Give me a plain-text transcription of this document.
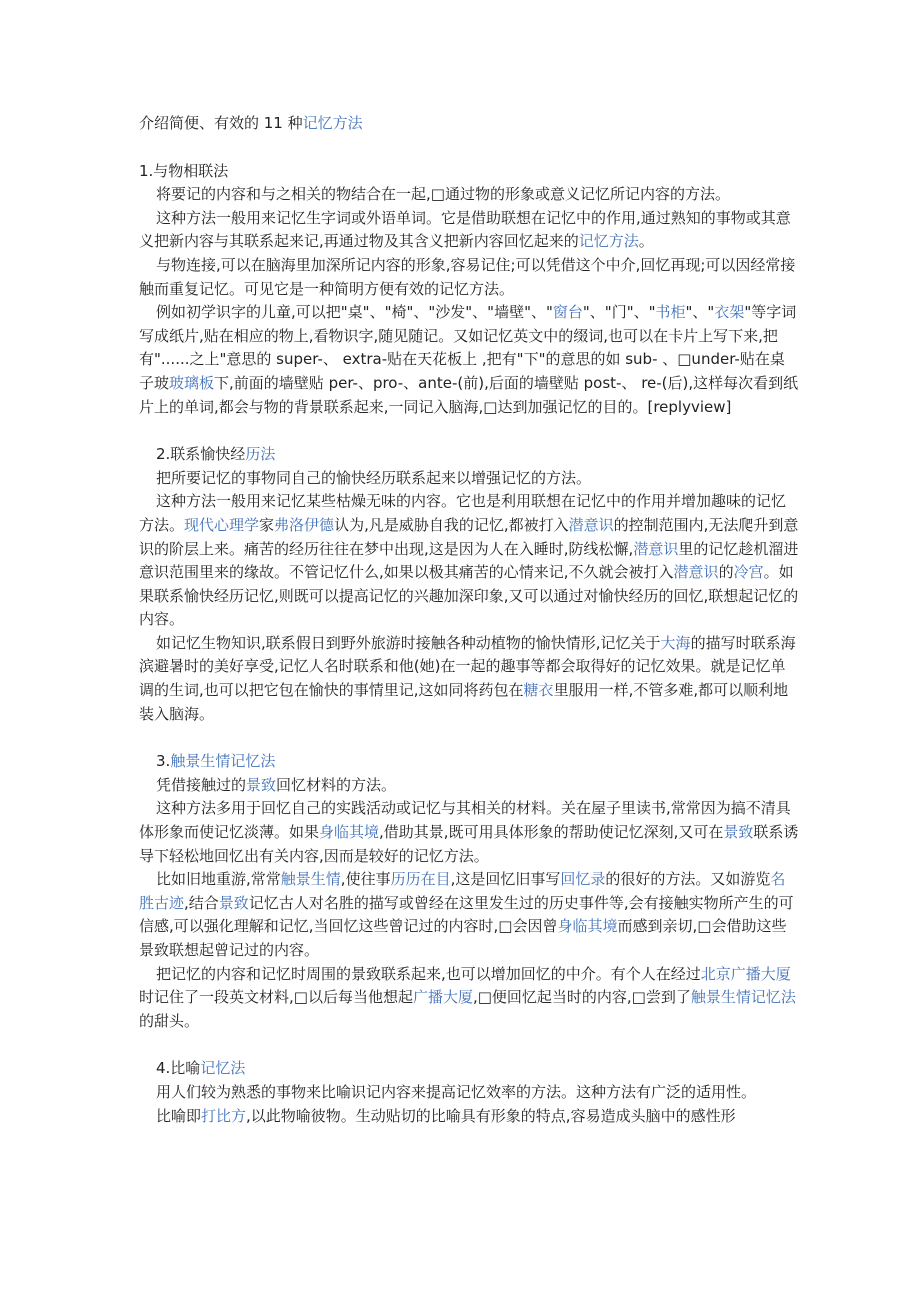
介绍简便、有效的 11 种记忆方法

1.与物相联法

将要记的内容和与之相关的物结合在一起,□通过物的形象或意义记忆所记内容的方法。

这种方法一般用来记忆生字词或外语单词。它是借助联想在记忆中的作用,通过熟知的事物或其意义把新内容与其联系起来记,再通过物及其含义把新内容回忆起来的记忆方法。

与物连接,可以在脑海里加深所记内容的形象,容易记住;可以凭借这个中介,回忆再现;可以因经常接触而重复记忆。可见它是一种简明方便有效的记忆方法。

例如初学识字的儿童,可以把"桌"、"椅"、"沙发"、"墙壁"、"窗台"、"门"、"书柜"、"衣架"等字词写成纸片,贴在相应的物上,看物识字,随见随记。又如记忆英文中的缀词,也可以在卡片上写下来,把有"......之上"意思的 super-、 extra-贴在天花板上 ,把有"下"的意思的如 sub- 、□under-贴在桌子玻玻璃板下,前面的墙壁贴 per-、pro-、ante-(前),后面的墙壁贴 post-、 re-(后),这样每次看到纸片上的单词,都会与物的背景联系起来,一同记入脑海,□达到加强记忆的目的。[replyview]

2.联系愉快经历法

把所要记忆的事物同自己的愉快经历联系起来以增强记忆的方法。

这种方法一般用来记忆某些枯燥无味的内容。它也是利用联想在记忆中的作用并增加趣味的记忆方法。现代心理学家弗洛伊德认为,凡是威胁自我的记忆,都被打入潜意识的控制范围内,无法爬升到意识的阶层上来。痛苦的经历往往在梦中出现,这是因为人在入睡时,防线松懈,潜意识里的记忆趁机溜进意识范围里来的缘故。不管记忆什么,如果以极其痛苦的心情来记,不久就会被打入潜意识的冷宫。如果联系愉快经历记忆,则既可以提高记忆的兴趣加深印象,又可以通过对愉快经历的回忆,联想起记忆的内容。

如记忆生物知识,联系假日到野外旅游时接触各种动植物的愉快情形,记忆关于大海的描写时联系海滨避暑时的美好享受,记忆人名时联系和他(她)在一起的趣事等都会取得好的记忆效果。就是记忆单调的生词,也可以把它包在愉快的事情里记,这如同将药包在糖衣里服用一样,不管多难,都可以顺利地装入脑海。

3.触景生情记忆法

凭借接触过的景致回忆材料的方法。

这种方法多用于回忆自己的实践活动或记忆与其相关的材料。关在屋子里读书,常常因为搞不清具体形象而使记忆淡薄。如果身临其境,借助其景,既可用具体形象的帮助使记忆深刻,又可在景致联系诱导下轻松地回忆出有关内容,因而是较好的记忆方法。

比如旧地重游,常常触景生情,使往事历历在目,这是回忆旧事写回忆录的很好的方法。又如游览名胜古迹,结合景致记忆古人对名胜的描写或曾经在这里发生过的历史事件等,会有接触实物所产生的可信感,可以强化理解和记忆,当回忆这些曾记过的内容时,□会因曾身临其境而感到亲切,□会借助这些景致联想起曾记过的内容。

把记忆的内容和记忆时周围的景致联系起来,也可以增加回忆的中介。有个人在经过北京广播大厦时记住了一段英文材料,□以后每当他想起广播大厦,□便回忆起当时的内容,□尝到了触景生情记忆法的甜头。

4.比喻记忆法

用人们较为熟悉的事物来比喻识记内容来提高记忆效率的方法。这种方法有广泛的适用性。

比喻即打比方,以此物喻彼物。生动贴切的比喻具有形象的特点,容易造成头脑中的感性形
